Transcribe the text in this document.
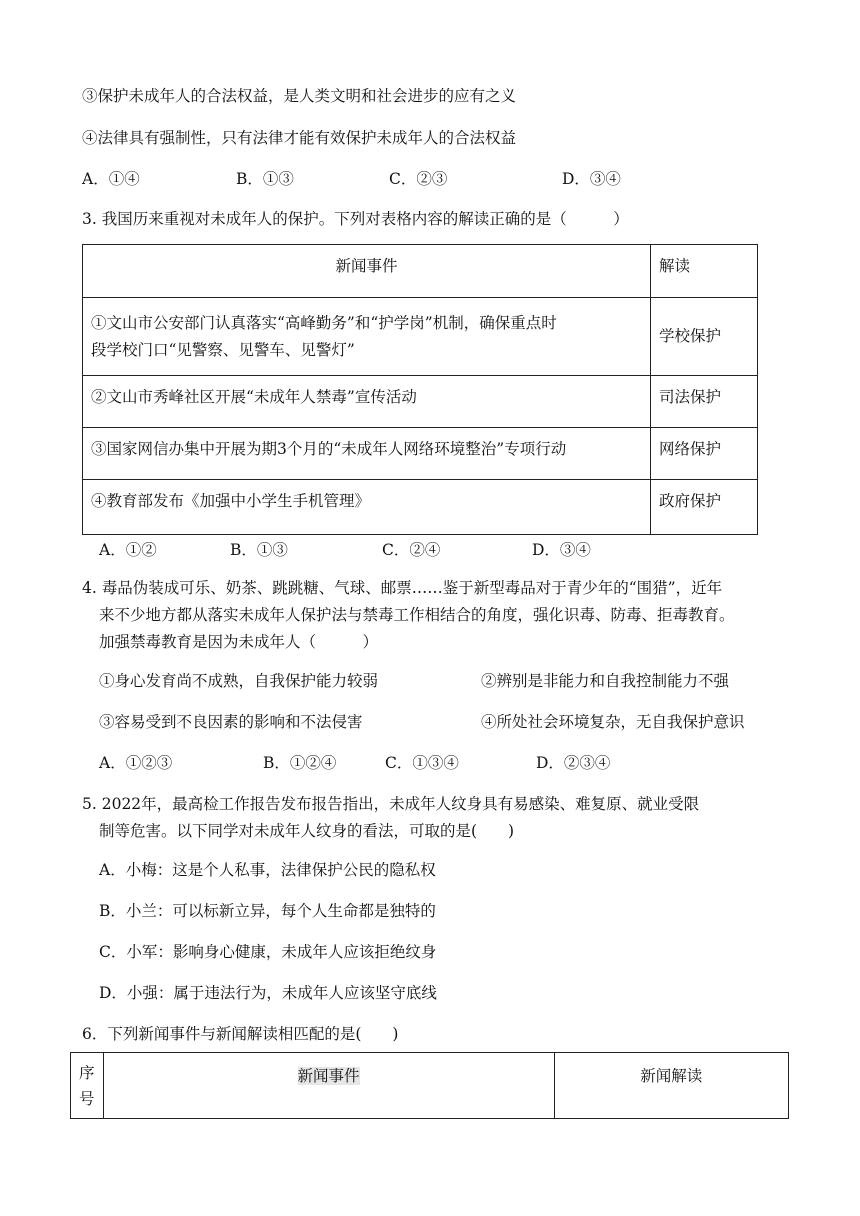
③保护未成年人的合法权益，是人类文明和社会进步的应有之义
④法律具有强制性，只有法律才能有效保护未成年人的合法权益
A．①④	B．①③	C．②③	D．③④
3. 我国历来重视对未成年人的保护。下列对表格内容的解读正确的是（　　　）
新闻事件	解读

①文山市公安部门认真落实“高峰勤务”和“护学岗”机制，确保重点时
段学校门口“见警察、见警车、见警灯”	学校保护
②文山市秀峰社区开展“未成年人禁毒”宣传活动	司法保护
③国家网信办集中开展为期3个月的“未成年人网络环境整治”专项行动	网络保护
④教育部发布《加强中小学生手机管理》	政府保护
A．①②	B．①③	C．②④	D．③④
4. 毒品伪装成可乐、奶茶、跳跳糖、气球、邮票……鉴于新型毒品对于青少年的“围猎”，近年
来不少地方都从落实未成年人保护法与禁毒工作相结合的角度，强化识毒、防毒、拒毒教育。
加强禁毒教育是因为未成年人（　　　）
①身心发育尚不成熟，自我保护能力较弱	②辨别是非能力和自我控制能力不强
③容易受到不良因素的影响和不法侵害	④所处社会环境复杂，无自我保护意识
A．①②③	B．①②④	C．①③④	D．②③④
5. 2022年，最高检工作报告发布报告指出，未成年人纹身具有易感染、难复原、就业受限
制等危害。以下同学对未成年人纹身的看法，可取的是(　　)
A．小梅：这是个人私事，法律保护公民的隐私权
B．小兰：可以标新立异，每个人生命都是独特的
C．小军：影响身心健康，未成年人应该拒绝纹身
D．小强：属于违法行为，未成年人应该坚守底线
6．下列新闻事件与新闻解读相匹配的是(　　)
序号	新闻事件	新闻解读
